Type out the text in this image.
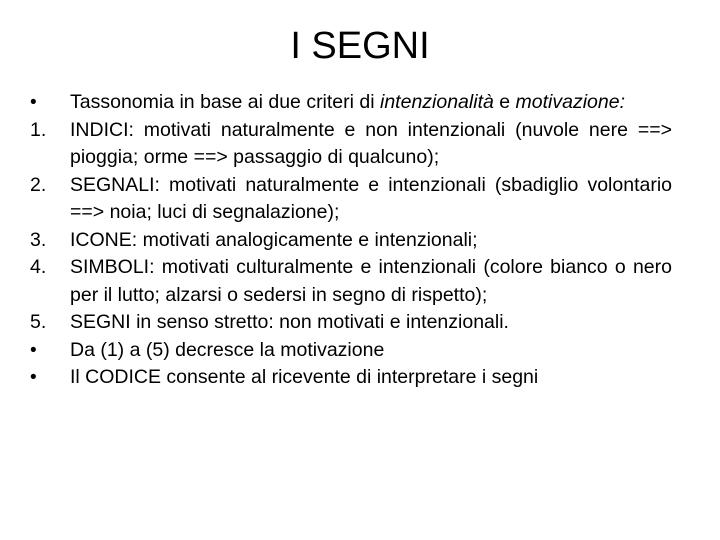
I SEGNI
•	Tassonomia in base ai due criteri di intenzionalità e motivazione:
1.	INDICI: motivati naturalmente e non intenzionali (nuvole nere ==> pioggia; orme ==> passaggio di qualcuno);
2.	SEGNALI: motivati naturalmente e intenzionali (sbadiglio volontario ==> noia; luci di segnalazione);
3.	ICONE: motivati analogicamente e intenzionali;
4.	SIMBOLI: motivati culturalmente e intenzionali (colore bianco o nero per il lutto; alzarsi o sedersi in segno di rispetto);
5.	SEGNI in senso stretto: non motivati e intenzionali.
•	Da (1) a (5) decresce la motivazione
•	Il CODICE consente al ricevente di interpretare i segni
